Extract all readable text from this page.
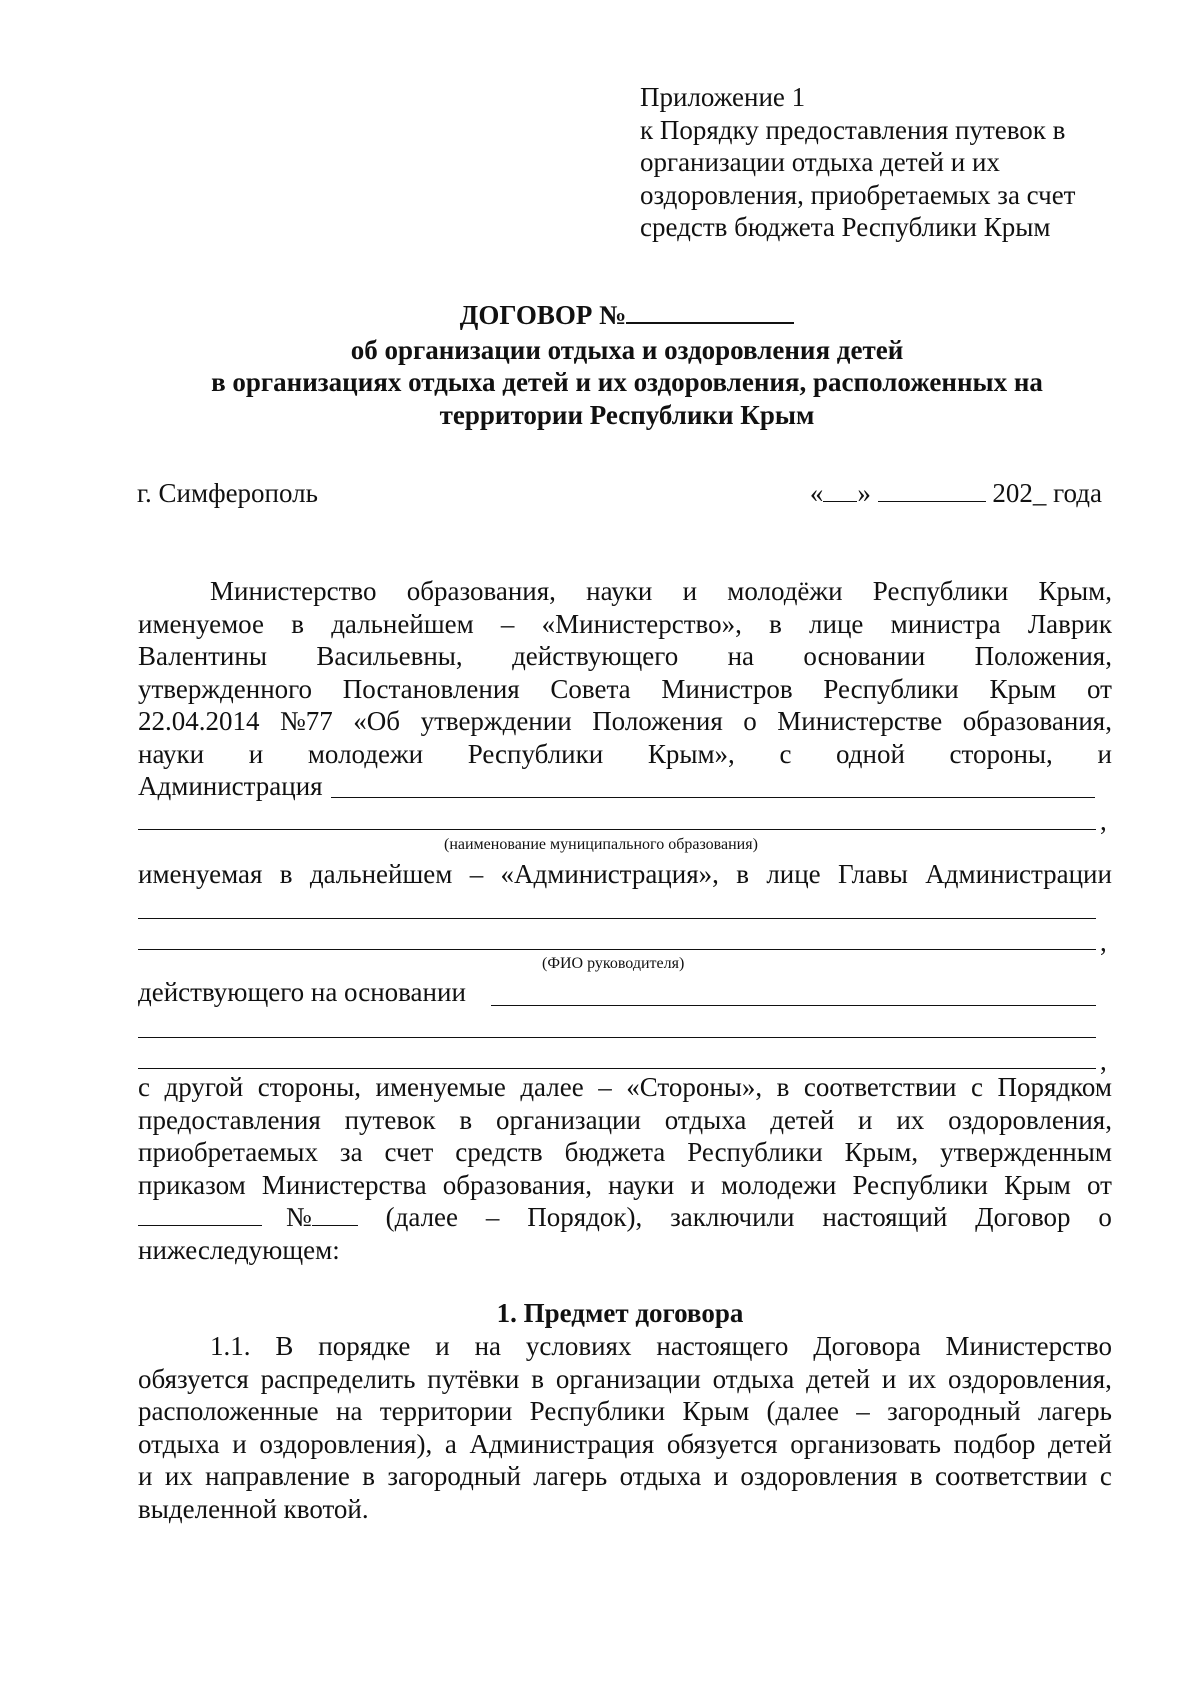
Приложение 1
к Порядку предоставления путевок в
организации отдыха детей и их
оздоровления, приобретаемых за счет
средств бюджета Республики Крым
ДОГОВОР №
об организации отдыха и оздоровления детей
в организациях отдыха детей и их оздоровления, расположенных на
территории Республики Крым
г. Симферополь	« »	202_ года
Министерство образования, науки и молодёжи Республики Крым,
именуемое в дальнейшем – «Министерство», в лице министра Лаврик
Валентины Васильевны, действующего на основании Положения,
утвержденного Постановления Совета Министров Республики Крым от
22.04.2014 №77 «Об утверждении Положения о Министерстве образования,
науки и молодежи Республики Крым», с одной стороны, и
Администрация
,
(наименование муниципального образования)
именуемая в дальнейшем – «Администрация», в лице Главы Администрации
,
(ФИО руководителя)
действующего на основании
,
с другой стороны, именуемые далее – «Стороны», в соответствии с Порядком
предоставления путевок в организации отдыха детей и их оздоровления,
приобретаемых за счет средств бюджета Республики Крым, утвержденным
приказом Министерства образования, науки и молодежи Республики Крым от
№	(далее – Порядок), заключили настоящий Договор о
нижеследующем:
1. Предмет договора
1.1. В порядке и на условиях настоящего Договора Министерство
обязуется распределить путёвки в организации отдыха детей и их оздоровления,
расположенные на территории Республики Крым (далее – загородный лагерь
отдыха и оздоровления), а Администрация обязуется организовать подбор детей
и их направление в загородный лагерь отдыха и оздоровления в соответствии с
выделенной квотой.
